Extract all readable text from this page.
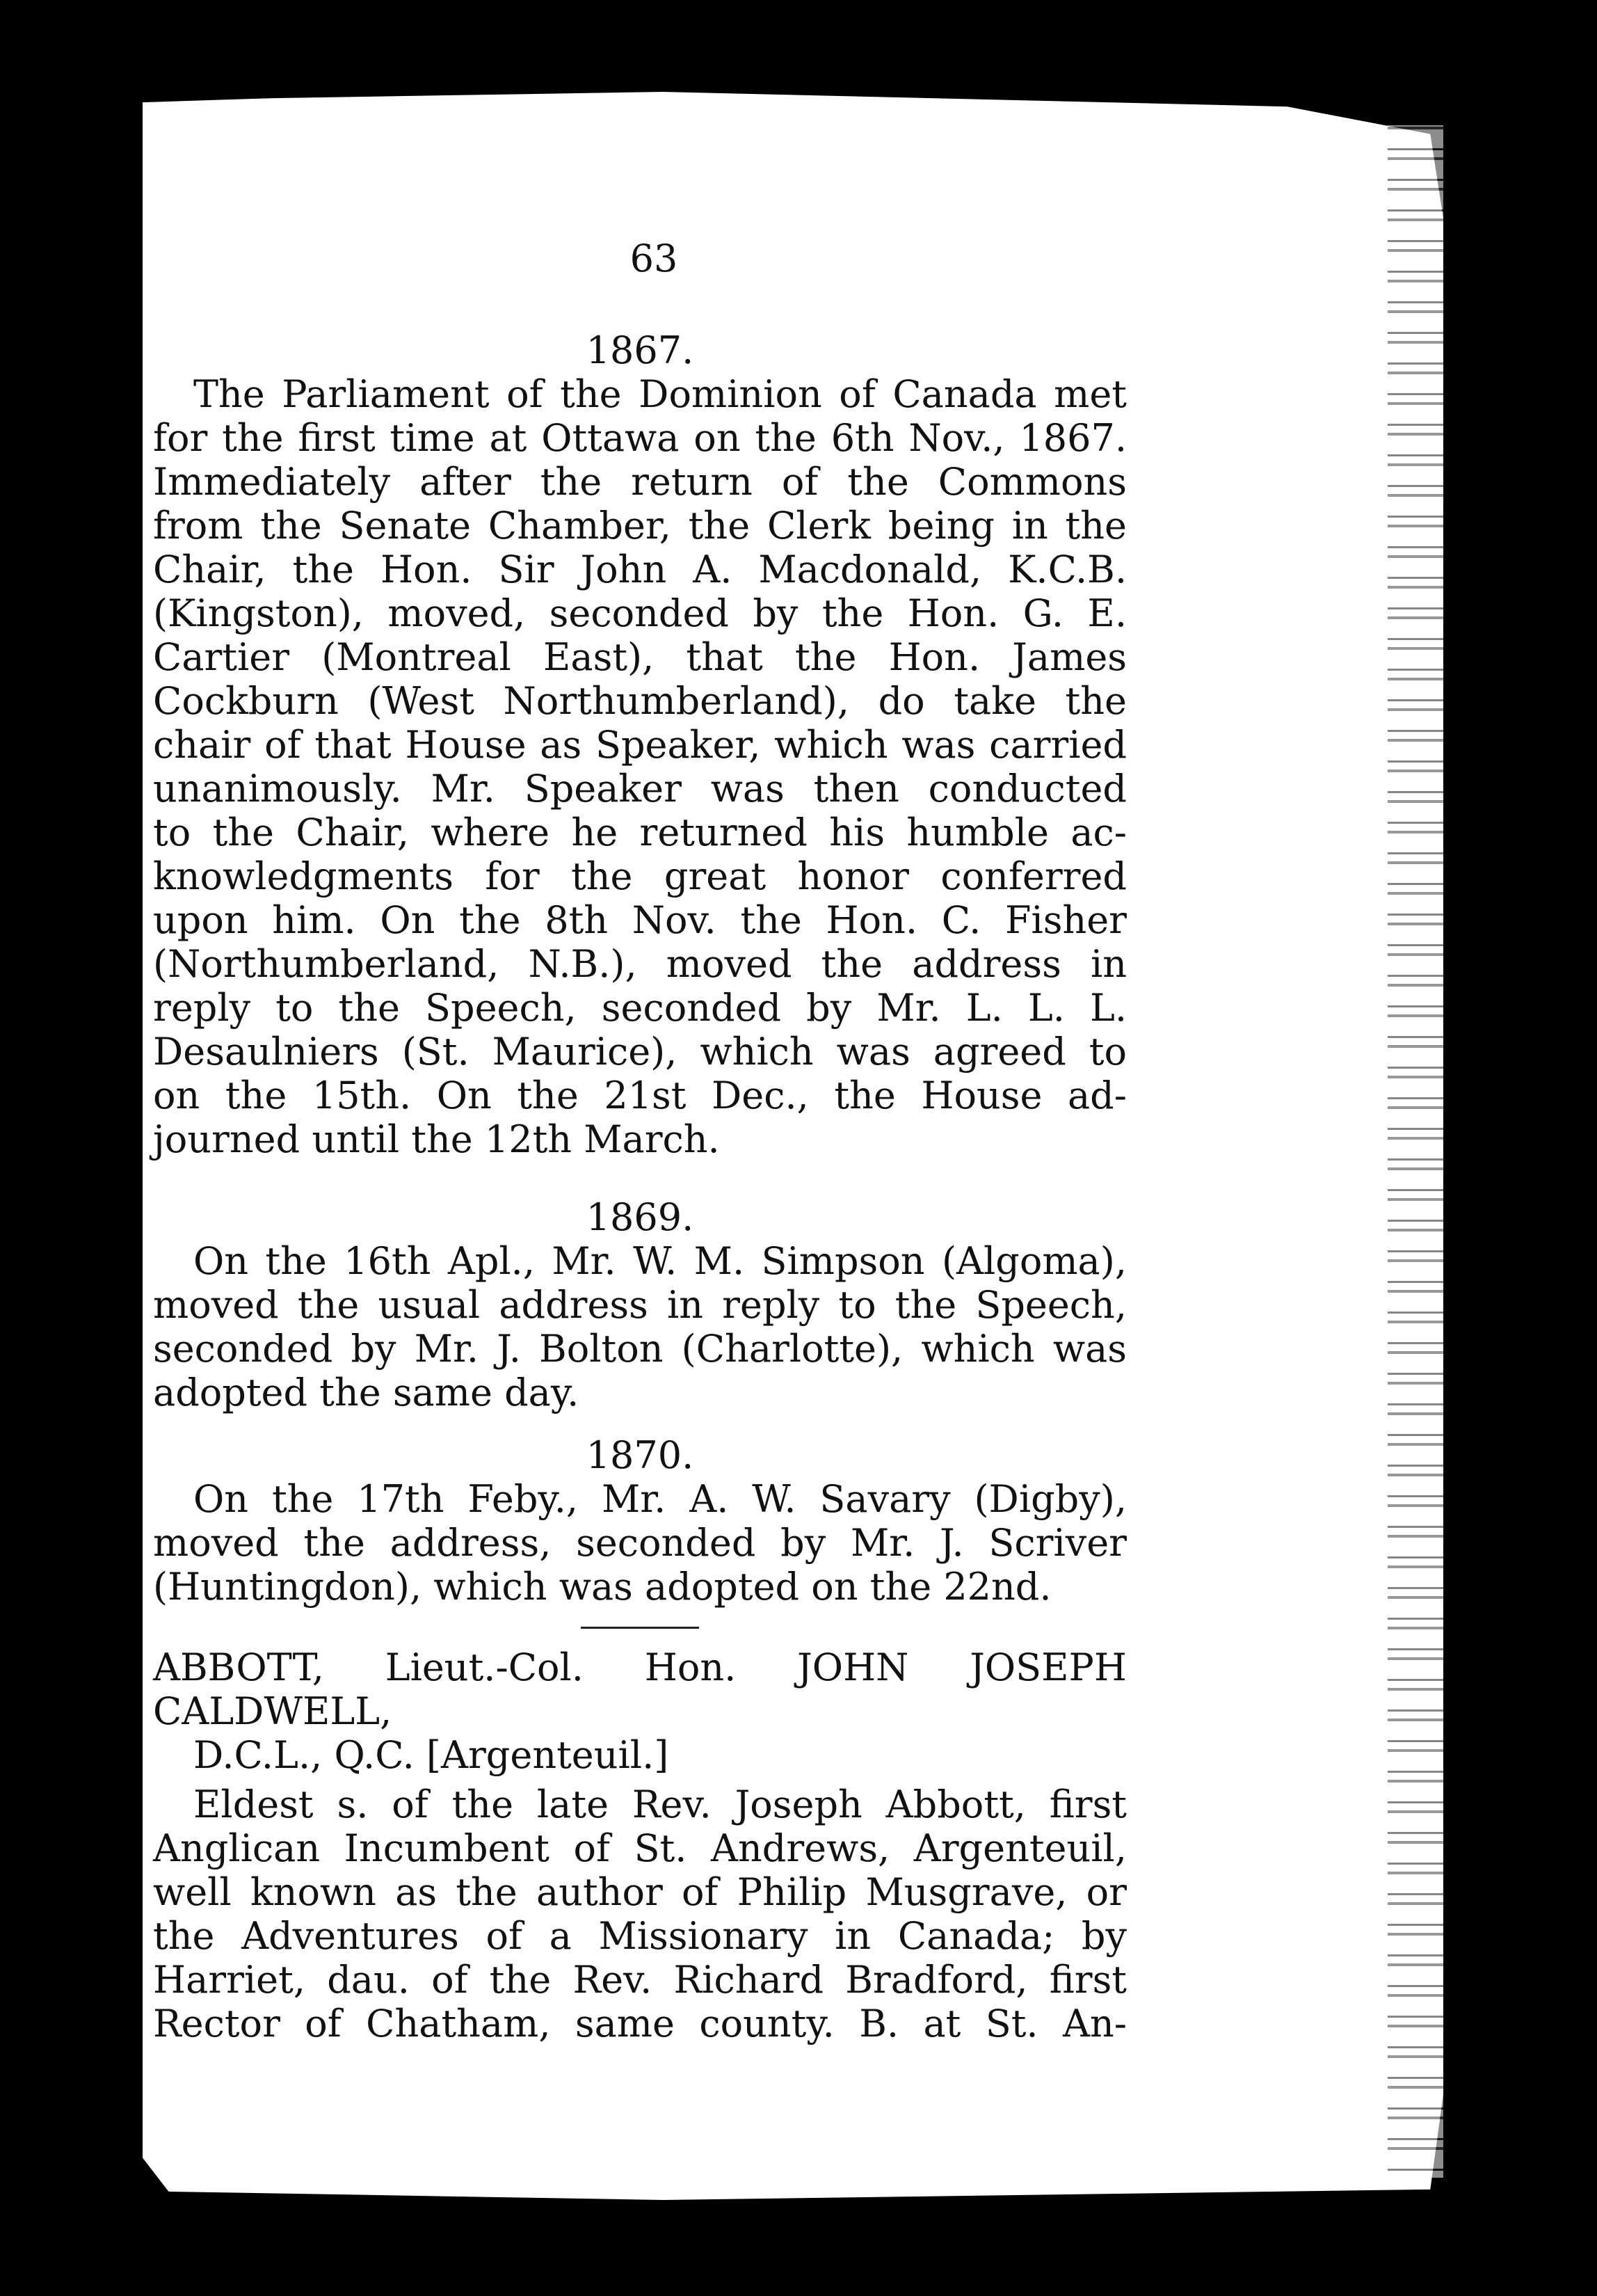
63
1867.

The Parliament of the Dominion of Canada met

for the first time at Ottawa on the 6th Nov., 1867.

Immediately after the return of the Commons

from the Senate Chamber, the Clerk being in the

Chair, the Hon. Sir John A. Macdonald, K.C.B.

(Kingston), moved, seconded by the Hon. G. E.

Cartier (Montreal East), that the Hon. James

Cockburn (West Northumberland), do take the

chair of that House as Speaker, which was carried

unanimously. Mr. Speaker was then conducted

to the Chair, where he returned his humble ac-

knowledgments for the great honor conferred

upon him. On the 8th Nov. the Hon. C. Fisher

(Northumberland, N.B.), moved the address in

reply to the Speech, seconded by Mr. L. L. L.

Desaulniers (St. Maurice), which was agreed to

on the 15th. On the 21st Dec., the House ad-

journed until the 12th March.

1869.

On the 16th Apl., Mr. W. M. Simpson (Algoma),

moved the usual address in reply to the Speech,

seconded by Mr. J. Bolton (Charlotte), which was

adopted the same day.

1870.

On the 17th Feby., Mr. A. W. Savary (Digby),

moved the address, seconded by Mr. J. Scriver

(Huntingdon), which was adopted on the 22nd.

ABBOTT, Lieut.-Col. Hon. JOHN JOSEPH CALDWELL,

D.C.L., Q.C. [Argenteuil.]

Eldest s. of the late Rev. Joseph Abbott, first

Anglican Incumbent of St. Andrews, Argenteuil,

well known as the author of Philip Musgrave, or

the Adventures of a Missionary in Canada; by

Harriet, dau. of the Rev. Richard Bradford, first

Rector of Chatham, same county. B. at St. An-
